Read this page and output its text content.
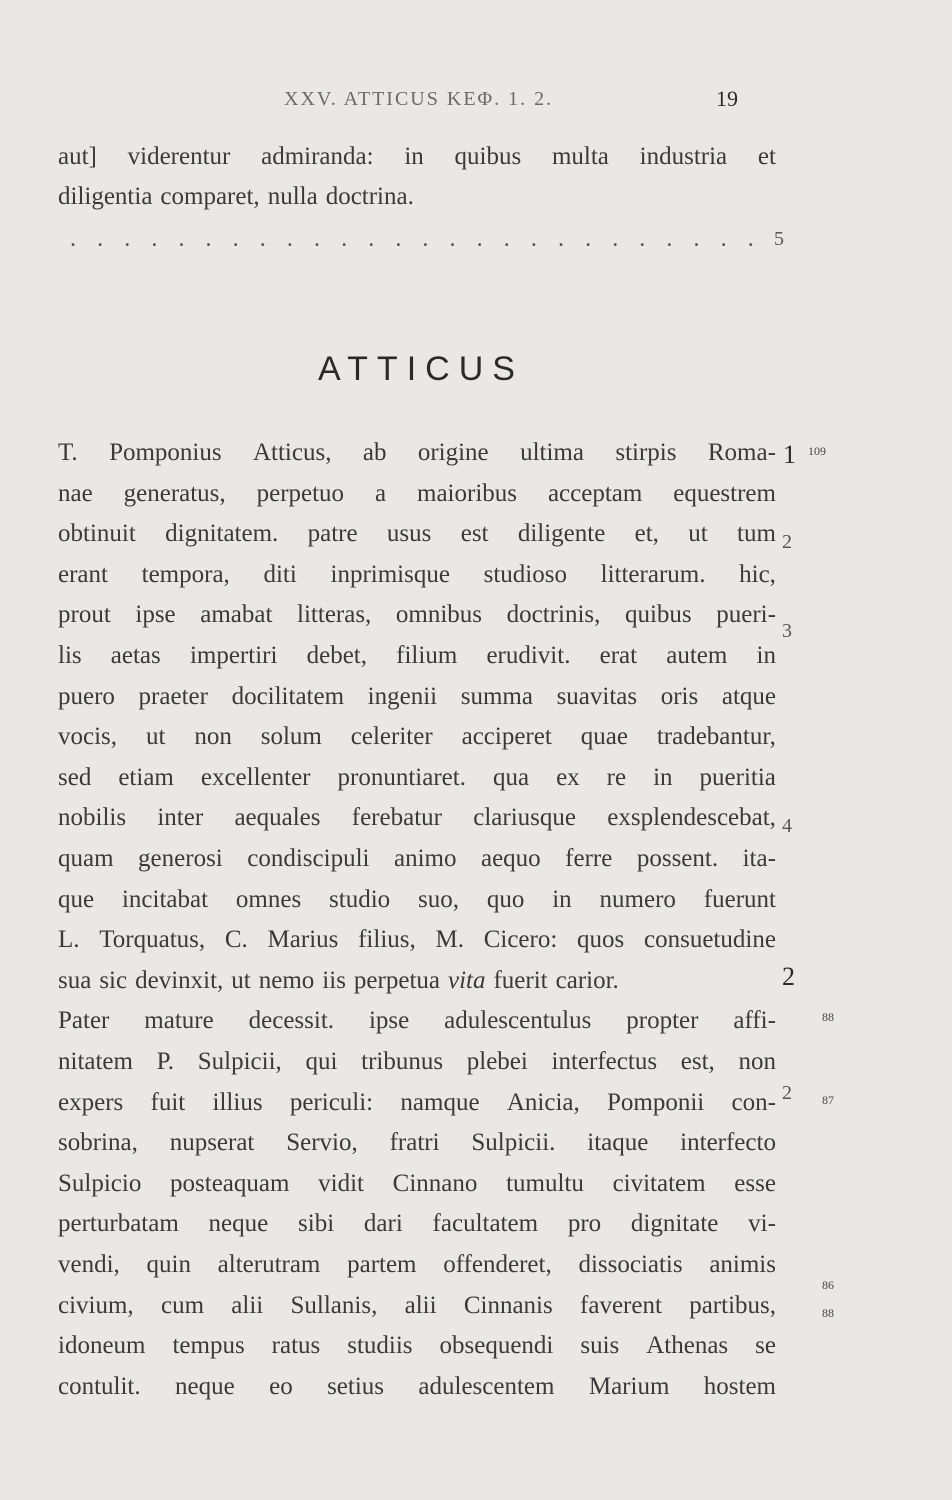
XXV. ATTICUS ΚΕΦ. 1. 2.	19
aut] viderentur admiranda: in quibus multa industria et
diligentia comparet, nulla doctrina.
. . . . . . . . . . . . . . . . . . . . . . . . . . 5
ATTICUS
T. Pomponius Atticus, ab origine ultima stirpis Roma-
nae generatus, perpetuo a maioribus acceptam equestrem
obtinuit dignitatem. patre usus est diligente et, ut tum
erant tempora, diti inprimisque studioso litterarum. hic,
prout ipse amabat litteras, omnibus doctrinis, quibus pueri-
lis aetas impertiri debet, filium erudivit. erat autem in
puero praeter docilitatem ingenii summa suavitas oris atque
vocis, ut non solum celeriter acciperet quae tradebantur,
sed etiam excellenter pronuntiaret. qua ex re in pueritia
nobilis inter aequales ferebatur clariusque exsplendescebat,
quam generosi condiscipuli animo aequo ferre possent. ita-
que incitabat omnes studio suo, quo in numero fuerunt
L. Torquatus, C. Marius filius, M. Cicero: quos consuetudine
sua sic devinxit, ut nemo iis perpetua vita fuerit carior.
Pater mature decessit. ipse adulescentulus propter affi-
nitatem P. Sulpicii, qui tribunus plebei interfectus est, non
expers fuit illius periculi: namque Anicia, Pomponii con-
sobrina, nupserat Servio, fratri Sulpicii. itaque interfecto
Sulpicio posteaquam vidit Cinnano tumultu civitatem esse
perturbatam neque sibi dari facultatem pro dignitate vi-
vendi, quin alterutram partem offenderet, dissociatis animis
civium, cum alii Sullanis, alii Cinnanis faverent partibus,
idoneum tempus ratus studiis obsequendi suis Athenas se
contulit. neque eo setius adulescentem Marium hostem
1
2
3
4
2
2
109
88
87
86
88
